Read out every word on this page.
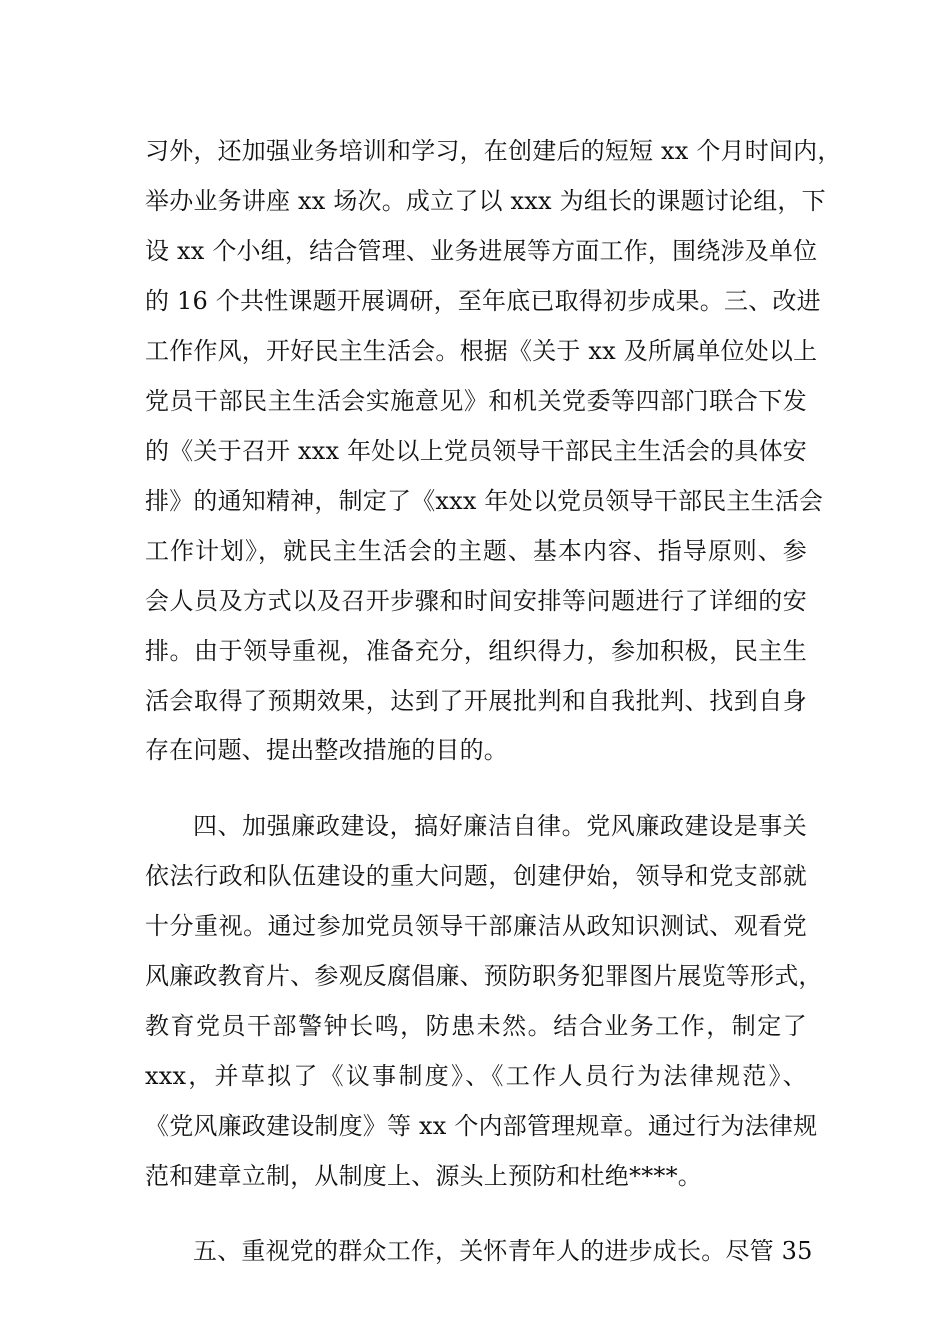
习外，还加强业务培训和学习，在创建后的短短 xx 个月时间内，
举办业务讲座 xx 场次。成立了以 xxx 为组长的课题讨论组，下
设 xx 个小组，结合管理、业务进展等方面工作，围绕涉及单位
的 16 个共性课题开展调研，至年底已取得初步成果。三、改进
工作作风，开好民主生活会。根据《关于 xx 及所属单位处以上
党员干部民主生活会实施意见》和机关党委等四部门联合下发
的《关于召开 xxx 年处以上党员领导干部民主生活会的具体安
排》的通知精神，制定了《xxx 年处以党员领导干部民主生活会
工作计划》，就民主生活会的主题、基本内容、指导原则、参
会人员及方式以及召开步骤和时间安排等问题进行了详细的安
排。由于领导重视，准备充分，组织得力，参加积极，民主生
活会取得了预期效果，达到了开展批判和自我批判、找到自身
存在问题、提出整改措施的目的。
四、加强廉政建设，搞好廉洁自律。党风廉政建设是事关
依法行政和队伍建设的重大问题，创建伊始，领导和党支部就
十分重视。通过参加党员领导干部廉洁从政知识测试、观看党
风廉政教育片、参观反腐倡廉、预防职务犯罪图片展览等形式，
教育党员干部警钟长鸣，防患未然。结合业务工作，制定了
xxx，并草拟了《议事制度》、《工作人员行为法律规范》、
《党风廉政建设制度》等 xx 个内部管理规章。通过行为法律规
范和建章立制，从制度上、源头上预防和杜绝****。
五、重视党的群众工作，关怀青年人的进步成长。尽管 35
